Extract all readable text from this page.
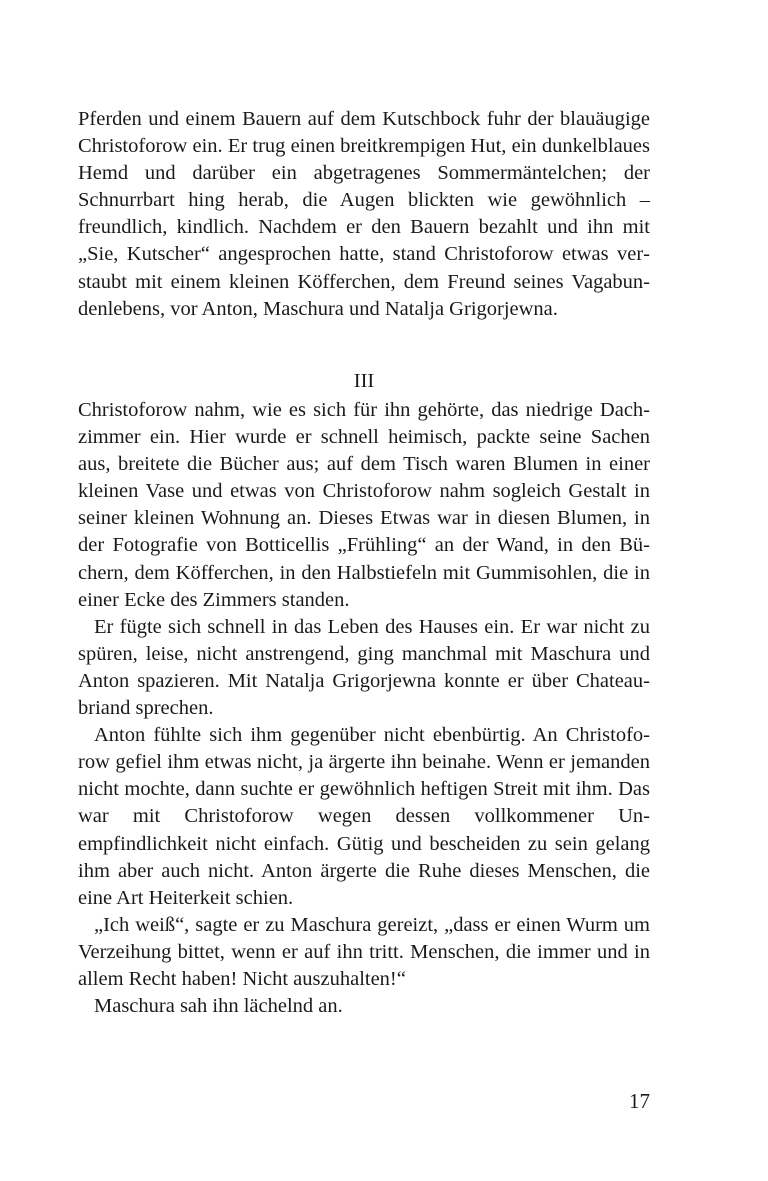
Pferden und einem Bauern auf dem Kutschbock fuhr der blauäugige Christoforow ein. Er trug einen breitkrempigen Hut, ein dunkelblaues Hemd und darüber ein abgetragenes Sommermäntelchen; der Schnurrbart hing herab, die Augen blickten wie gewöhnlich – freundlich, kindlich. Nachdem er den Bauern bezahlt und ihn mit „Sie, Kutscher“ angesprochen hatte, stand Christoforow etwas verstaubt mit einem kleinen Köfferchen, dem Freund seines Vagabundenlebens, vor Anton, Maschura und Natalja Grigorjewna.

III

Christoforow nahm, wie es sich für ihn gehörte, das niedrige Dachzimmer ein. Hier wurde er schnell heimisch, packte seine Sachen aus, breitete die Bücher aus; auf dem Tisch waren Blumen in einer kleinen Vase und etwas von Christoforow nahm sogleich Gestalt in seiner kleinen Wohnung an. Dieses Etwas war in diesen Blumen, in der Fotografie von Botticellis „Frühling“ an der Wand, in den Büchern, dem Köfferchen, in den Halbstiefeln mit Gummisohlen, die in einer Ecke des Zimmers standen.

Er fügte sich schnell in das Leben des Hauses ein. Er war nicht zu spüren, leise, nicht anstrengend, ging manchmal mit Maschura und Anton spazieren. Mit Natalja Grigorjewna konnte er über Chateaubriand sprechen.

Anton fühlte sich ihm gegenüber nicht ebenbürtig. An Christoforow gefiel ihm etwas nicht, ja ärgerte ihn beinahe. Wenn er jemanden nicht mochte, dann suchte er gewöhnlich heftigen Streit mit ihm. Das war mit Christoforow wegen dessen vollkommener Unempfindlichkeit nicht einfach. Gütig und bescheiden zu sein gelang ihm aber auch nicht. Anton ärgerte die Ruhe dieses Menschen, die eine Art Heiterkeit schien.

„Ich weiß“, sagte er zu Maschura gereizt, „dass er einen Wurm um Verzeihung bittet, wenn er auf ihn tritt. Menschen, die immer und in allem Recht haben! Nicht auszuhalten!“

Maschura sah ihn lächelnd an.

17
